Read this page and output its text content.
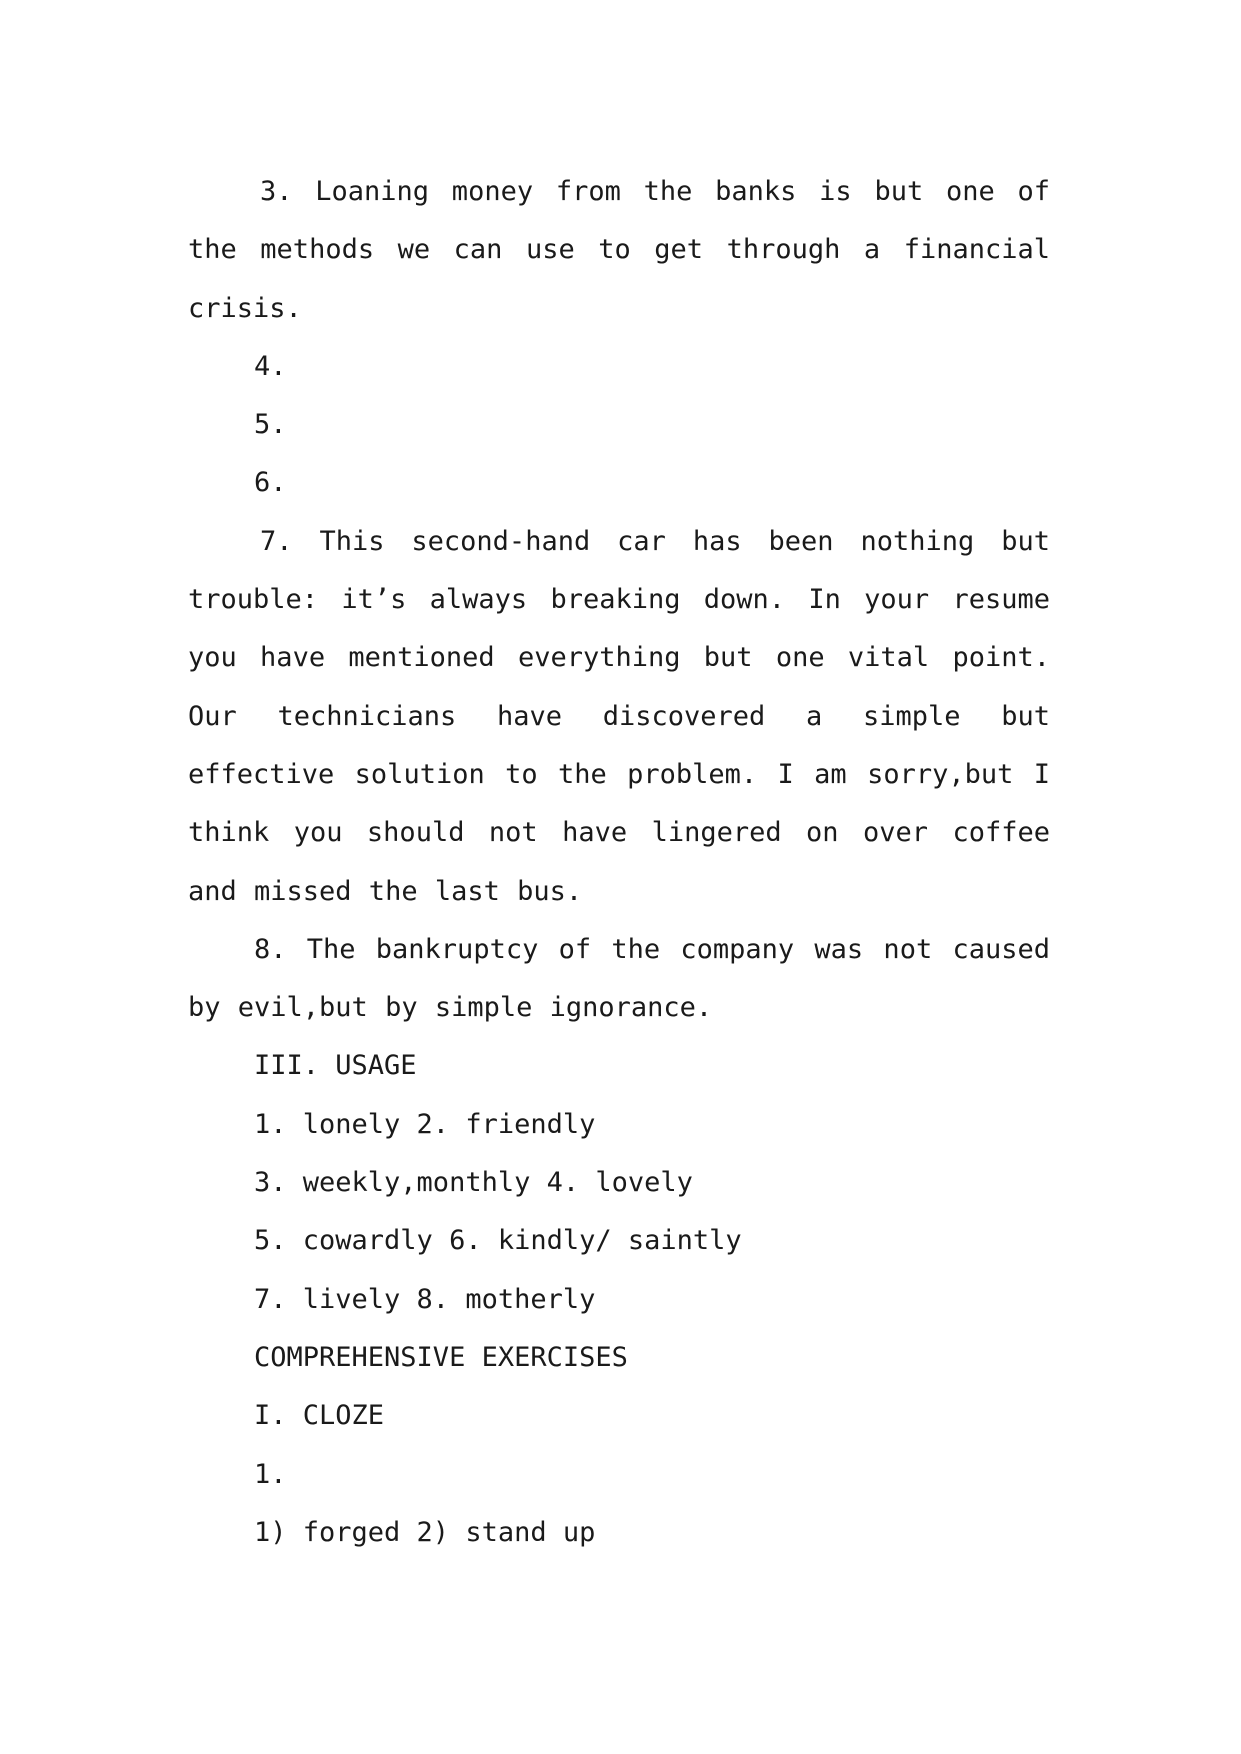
3. Loaning money from the banks is but one of the methods we can use to get through a financial crisis.

4.

5.

6.

7. This second-hand car has been nothing but trouble: it’s always breaking down. In your resume you have mentioned everything but one vital point. Our technicians have discovered a simple but effective solution to the problem. I am sorry,but I think you should not have lingered on over coffee and missed the last bus.

8. The bankruptcy of the company was not caused by evil,but by simple ignorance.

III. USAGE

1. lonely 2. friendly

3. weekly,monthly 4. lovely

5. cowardly 6. kindly/ saintly

7. lively 8. motherly

COMPREHENSIVE EXERCISES

I. CLOZE

1.

1) forged 2) stand up
